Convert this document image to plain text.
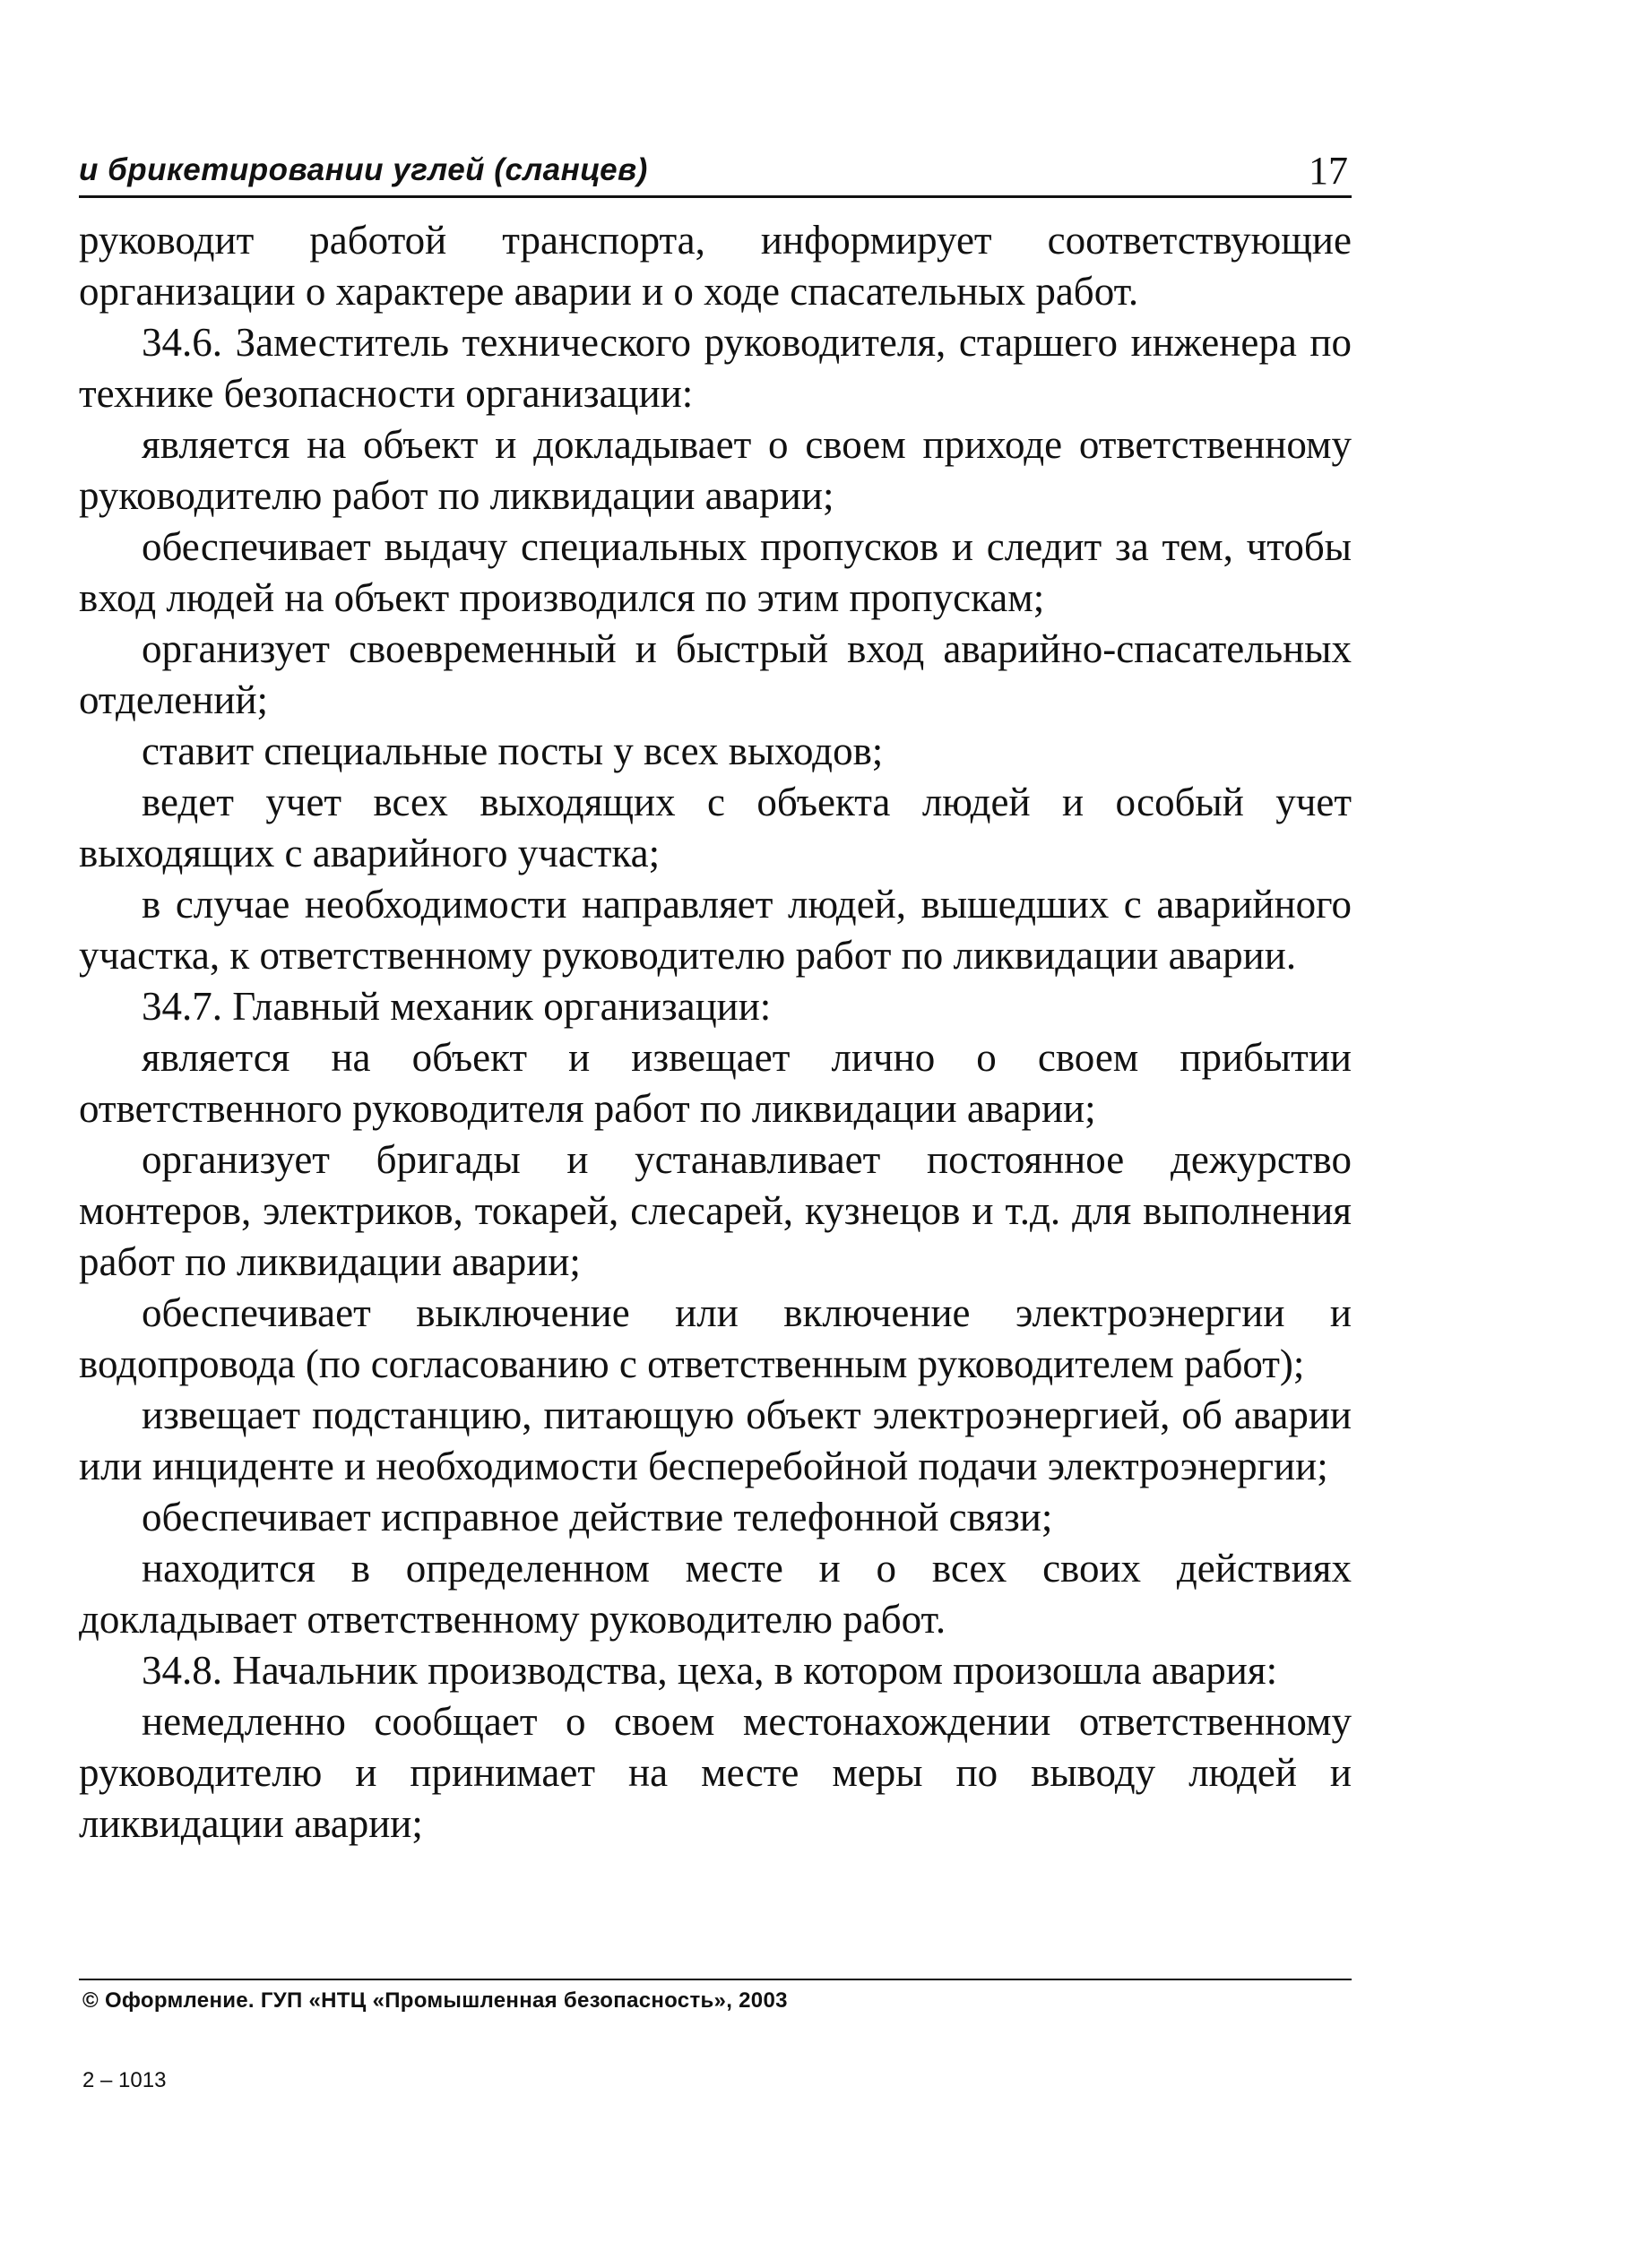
и брикетировании углей (сланцев)	17

руководит работой транспорта, информирует соответствующие организации о характере аварии и о ходе спасательных работ.

34.6. Заместитель технического руководителя, старшего инженера по технике безопасности организации:

является на объект и докладывает о своем приходе ответственному руководителю работ по ликвидации аварии;

обеспечивает выдачу специальных пропусков и следит за тем, чтобы вход людей на объект производился по этим пропускам;

организует своевременный и быстрый вход аварийно-спасательных отделений;

ставит специальные посты у всех выходов;

ведет учет всех выходящих с объекта людей и особый учет выходящих с аварийного участка;

в случае необходимости направляет людей, вышедших с аварийного участка, к ответственному руководителю работ по ликвидации аварии.

34.7. Главный механик организации:

является на объект и извещает лично о своем прибытии ответственного руководителя работ по ликвидации аварии;

организует бригады и устанавливает постоянное дежурство монтеров, электриков, токарей, слесарей, кузнецов и т.д. для выполнения работ по ликвидации аварии;

обеспечивает выключение или включение электроэнергии и водопровода (по согласованию с ответственным руководителем работ);

извещает подстанцию, питающую объект электроэнергией, об аварии или инциденте и необходимости бесперебойной подачи электроэнергии;

обеспечивает исправное действие телефонной связи;

находится в определенном месте и о всех своих действиях докладывает ответственному руководителю работ.

34.8. Начальник производства, цеха, в котором произошла авария:

немедленно сообщает о своем местонахождении ответственному руководителю и принимает на месте меры по выводу людей и ликвидации аварии;

© Оформление. ГУП «НТЦ «Промышленная безопасность», 2003
2 – 1013
